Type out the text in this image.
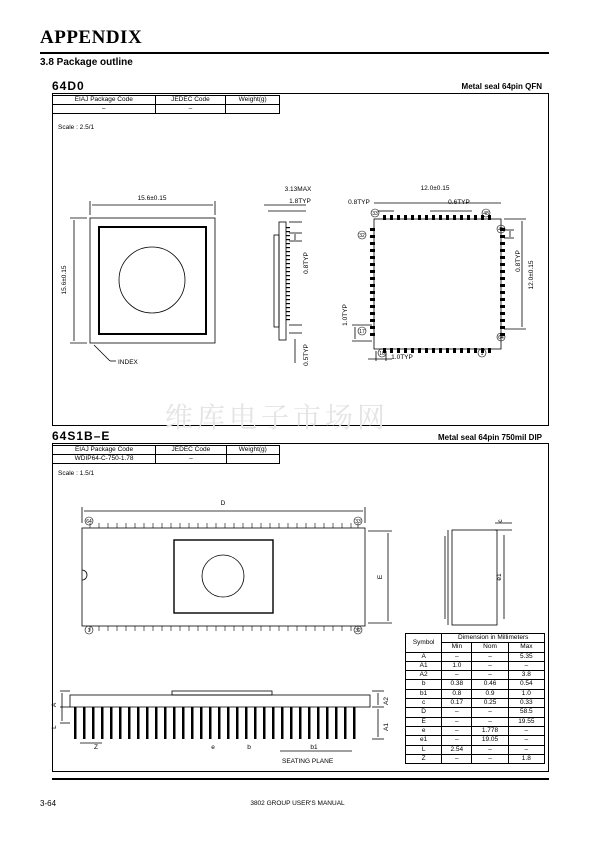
APPENDIX
3.8 Package outline
64D0	Metal seal 64pin QFN
EIAJ Package Code	JEDEC Code	Weight(g)
–	–	
Scale : 2.5/1
15.6±0.15
15.6±0.15
INDEX
3.13MAX
1.8TYP
0.8TYP
0.5TYP
12.0±0.15
0.8TYP	0.6TYP
12.0±0.15
0.8TYP
1.0TYP
1.0TYP
33	48
32
17
49
64
16	1
维库电子市场网
64S1B–E	Metal seal 64pin 750mil DIP
EIAJ Package Code	JEDEC Code	Weight(g)
WDIP64-C-750-1.78	–	
Scale : 1.5/1
D
E
c
e1
A
L
A2
A1
Z	e	b	b1
SEATING PLANE
64	33
1	32
Symbol	Dimension in Millimeters		
	Min	Nom	Max
A	–	–	5.35
A1	1.0	–	–
A2	–	–	3.8
b	0.38	0.46	0.54
b1	0.8	0.9	1.0
c	0.17	0.25	0.33
D	–	–	58.5
E	–	–	19.55
e	–	1.778	–
e1	–	19.05	–
L	2.54	–	–
Z	–	–	1.8
3-64	3802 GROUP USER'S MANUAL
